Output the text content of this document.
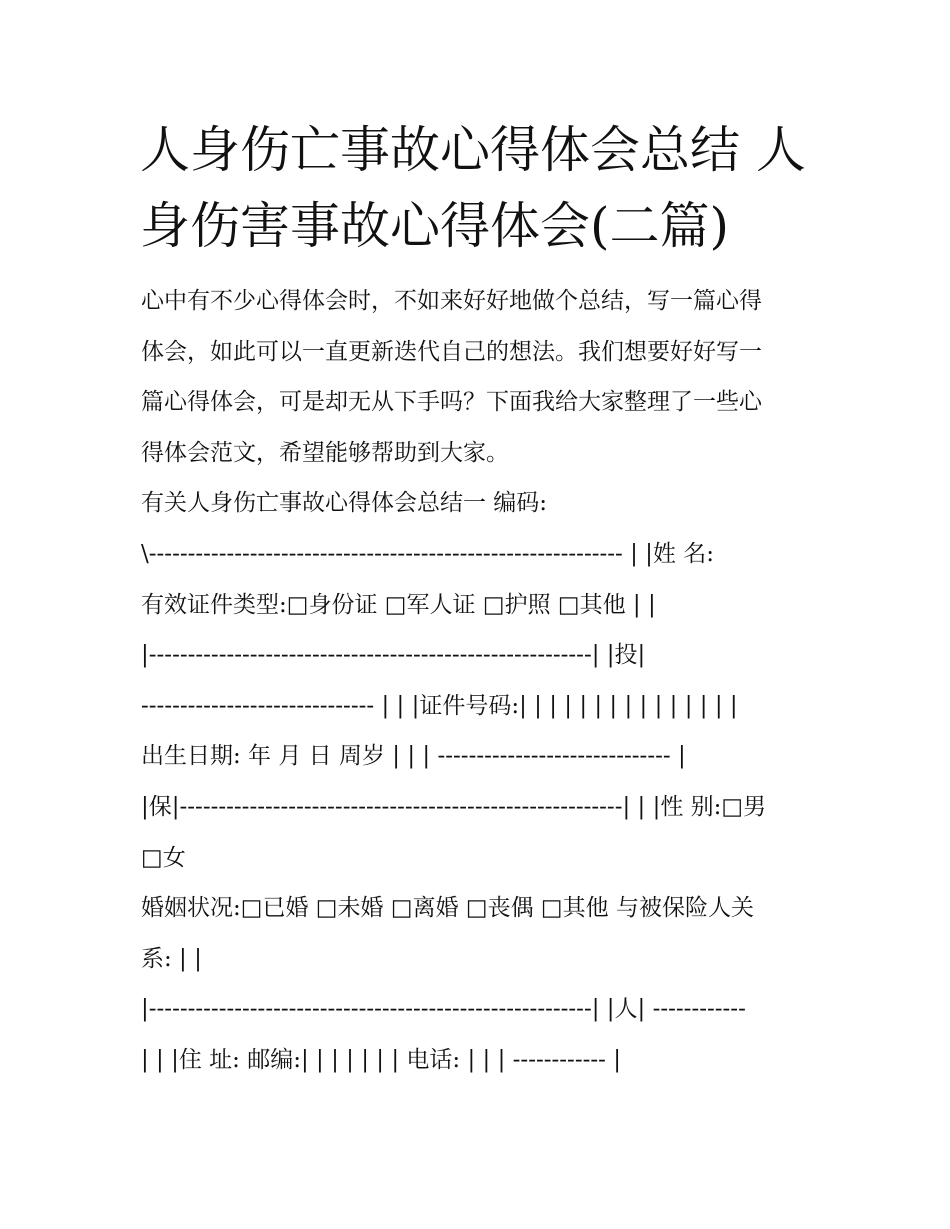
人身伤亡事故心得体会总结 人
身伤害事故心得体会(二篇)

心中有不少心得体会时，不如来好好地做个总结，写一篇心得
体会，如此可以一直更新迭代自己的想法。我们想要好好写一
篇心得体会，可是却无从下手吗？下面我给大家整理了一些心
得体会范文，希望能够帮助到大家。

有关人身伤亡事故心得体会总结一 编码:
\------------------------------------------------------------- | |姓 名:
有效证件类型:□身份证 □军人证 □护照 □其他 | |
|---------------------------------------------------------| |投|
------------------------------ | | |证件号码:| | | | | | | | | | | | | | |
出生日期: 年 月 日 周岁 | | | ------------------------------ |
|保|---------------------------------------------------------| | |性 别:□男
□女
婚姻状况:□已婚 □未婚 □离婚 □丧偶 □其他 与被保险人关
系: | |
|---------------------------------------------------------| |人| ------------
| | |住 址: 邮编:| | | | | | | 电话: | | | ------------ |
